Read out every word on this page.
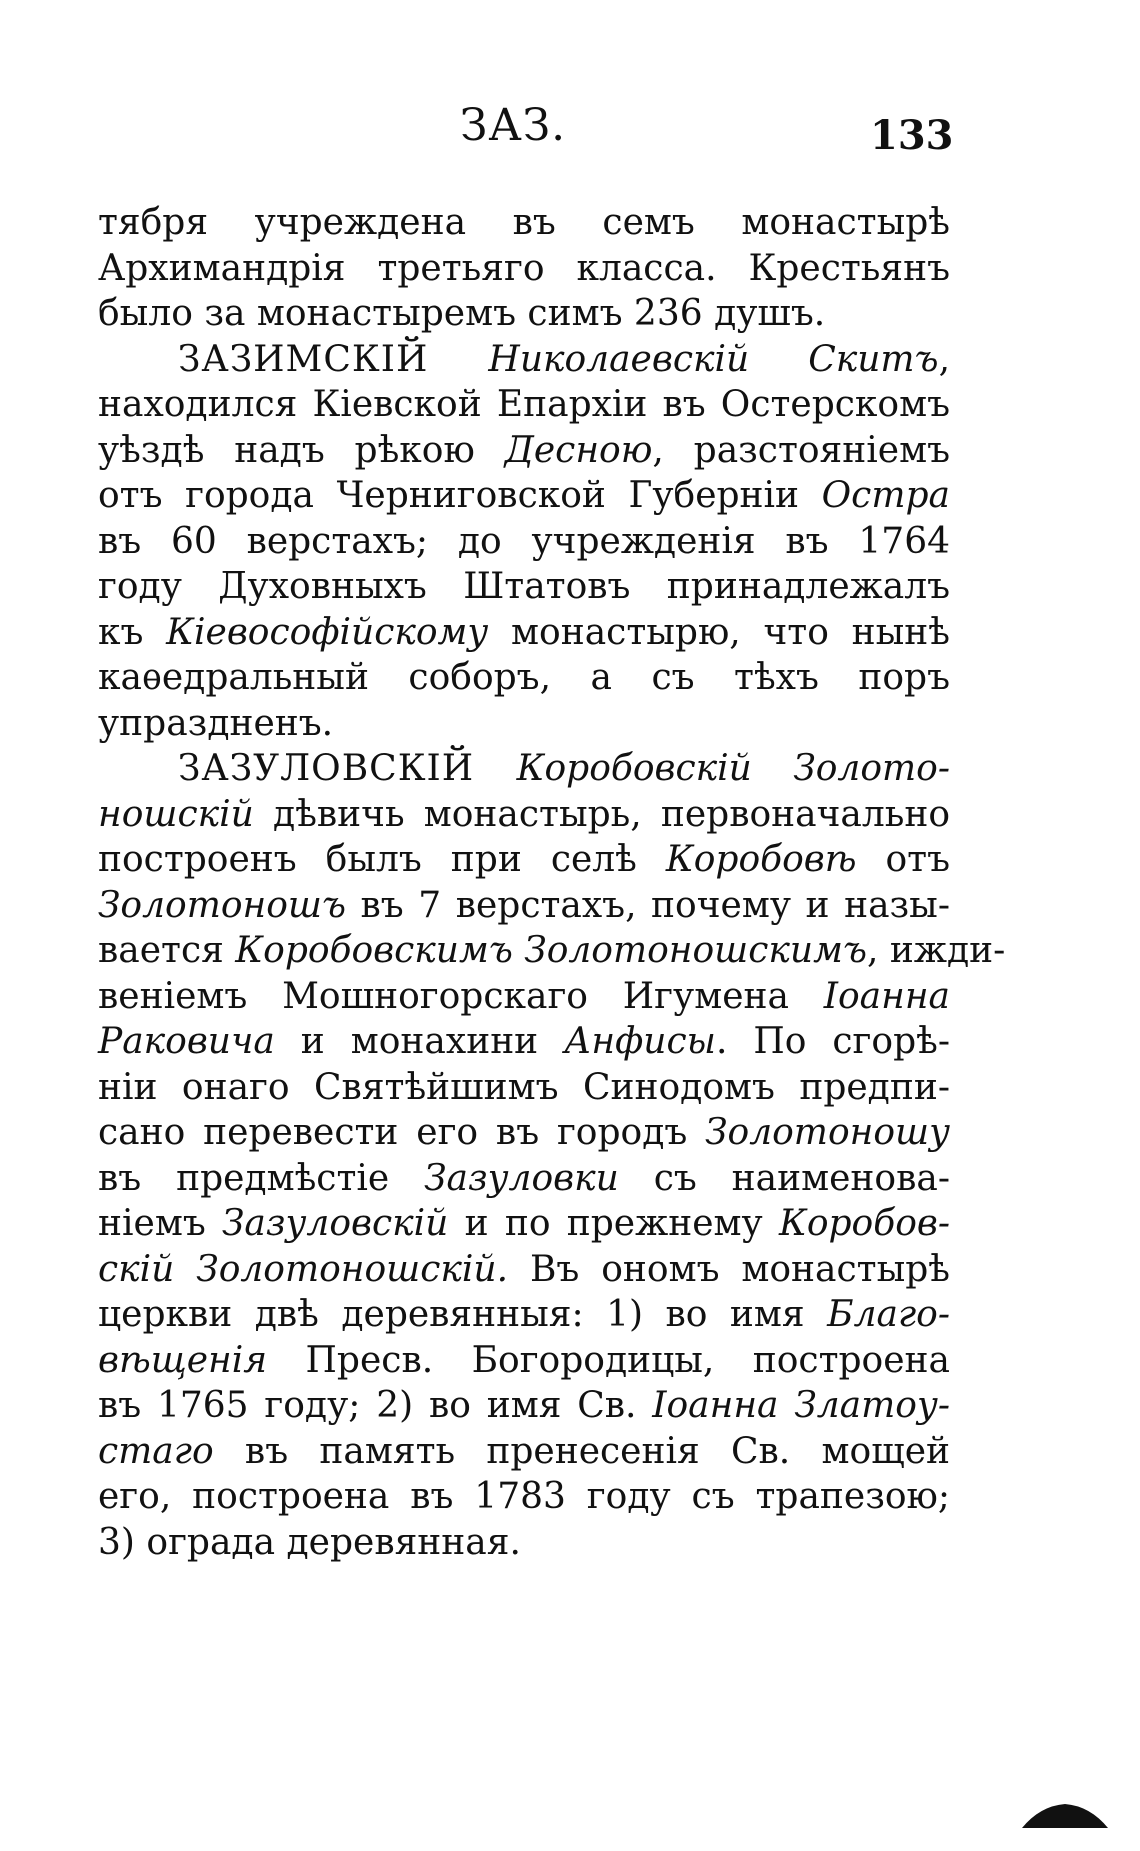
ЗАЗ.	133
тября учреждена въ семъ монастырѣ
Архимандрія третьяго класса. Крестьянъ
было за монастыремъ симъ 236 душъ.
ЗАЗИМСКІЙ Николаевскій Скитъ,
находился Кіевской Епархіи въ Остерскомъ
уѣздѣ надъ рѣкою Десною, разстояніемъ
отъ города Черниговской Губерніи Остра
въ 60 верстахъ; до учрежденія въ 1764
году Духовныхъ Штатовъ принадлежалъ
къ Кіевософійскому монастырю, что нынѣ
каѳедральный соборъ, а съ тѣхъ поръ
упраздненъ.
ЗАЗУЛОВСКІЙ Коробовскій Золото-
ношскій дѣвичь монастырь, первоначально
построенъ былъ при селѣ Коробовѣ отъ
Золотоношъ въ 7 верстахъ, почему и назы-
вается Коробовскимъ Золотоношскимъ, ижди-
веніемъ Мошногорскаго Игумена Іоанна
Раковича и монахини Анфисы. По сгорѣ-
ніи онаго Святѣйшимъ Синодомъ предпи-
сано перевести его въ городъ Золотоношу
въ предмѣстіе Зазуловки съ наименова-
ніемъ Зазуловскій и по прежнему Коробов-
скій Золотоношскій. Въ ономъ монастырѣ
церкви двѣ деревянныя: 1) во имя Благо-
вѣщенія Пресв. Богородицы, построена
въ 1765 году; 2) во имя Св. Іоанна Златоу-
стаго въ память пренесенія Св. мощей
его, построена въ 1783 году съ трапезою;
3) ограда деревянная.
